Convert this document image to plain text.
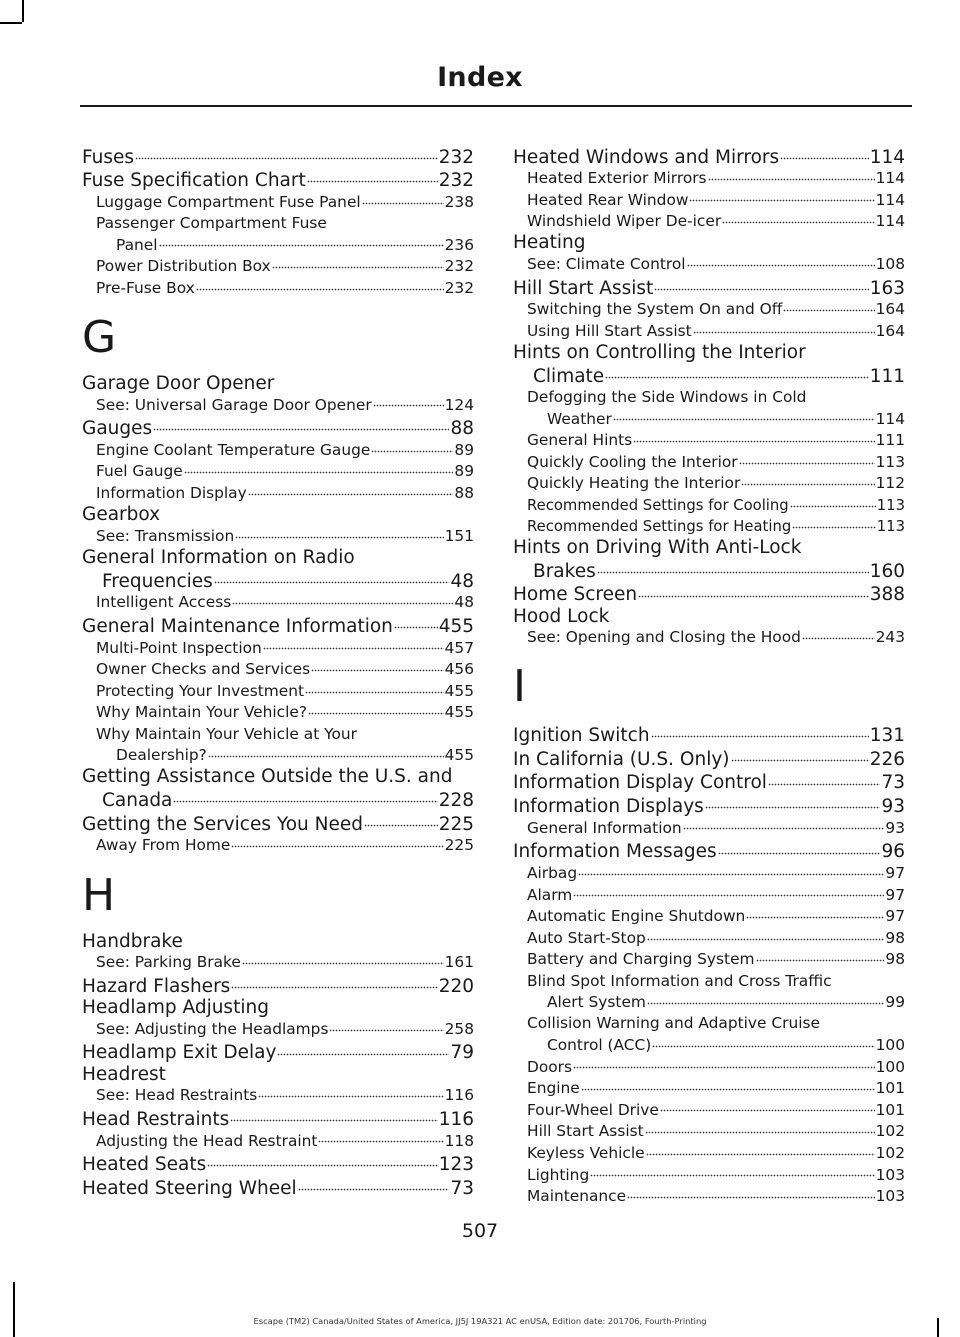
Index
Fuses	232
Fuse Specification Chart	232
Luggage Compartment Fuse Panel	238
Passenger Compartment Fuse
Panel	236
Power Distribution Box	232
Pre-Fuse Box	232
G
Garage Door Opener
See: Universal Garage Door Opener	124
Gauges	88
Engine Coolant Temperature Gauge	89
Fuel Gauge	89
Information Display	88
Gearbox
See: Transmission	151
General Information on Radio
Frequencies	48
Intelligent Access	48
General Maintenance Information 455
Multi-Point Inspection	457
Owner Checks and Services	456
Protecting Your Investment	455
Why Maintain Your Vehicle?	455
Why Maintain Your Vehicle at Your
Dealership?	455
Getting Assistance Outside the U.S. and
Canada	228
Getting the Services You Need	225
Away From Home	225
H
Handbrake
See: Parking Brake	161
Hazard Flashers	220
Headlamp Adjusting
See: Adjusting the Headlamps	258
Headlamp Exit Delay	79
Headrest
See: Head Restraints	116
Head Restraints	116
Adjusting the Head Restraint	118
Heated Seats	123
Heated Steering Wheel	73
Heated Windows and Mirrors	114
Heated Exterior Mirrors	114
Heated Rear Window	114
Windshield Wiper De-icer	114
Heating
See: Climate Control	108
Hill Start Assist	163
Switching the System On and Off	164
Using Hill Start Assist	164
Hints on Controlling the Interior
Climate	111
Defogging the Side Windows in Cold
Weather	114
General Hints	111
Quickly Cooling the Interior	113
Quickly Heating the Interior	112
Recommended Settings for Cooling	113
Recommended Settings for Heating	113
Hints on Driving With Anti-Lock
Brakes	160
Home Screen	388
Hood Lock
See: Opening and Closing the Hood	243
I
Ignition Switch	131
In California (U.S. Only)	226
Information Display Control	73
Information Displays	93
General Information	93
Information Messages	96
Airbag	97
Alarm	97
Automatic Engine Shutdown	97
Auto Start-Stop	98
Battery and Charging System	98
Blind Spot Information and Cross Traffic
Alert System	99
Collision Warning and Adaptive Cruise
Control (ACC)	100
Doors	100
Engine	101
Four-Wheel Drive	101
Hill Start Assist	102
Keyless Vehicle	102
Lighting	103
Maintenance	103
507
Escape (TM2) Canada/United States of America, JJ5J 19A321 AC enUSA, Edition date: 201706, Fourth-Printing
